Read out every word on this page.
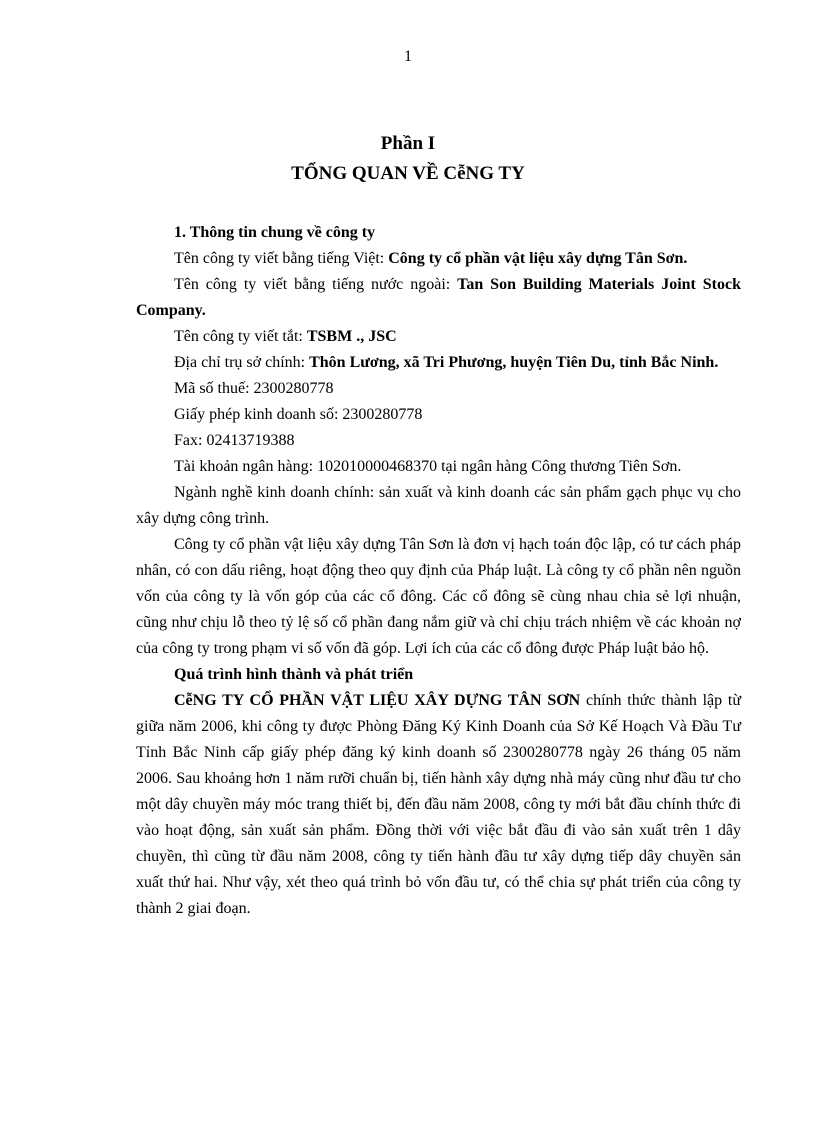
1
Phần I
TỔNG QUAN VỀ CễNG TY

1. Thông tin chung về công ty

Tên công ty viết bằng tiếng Việt: Công ty cổ phần vật liệu xây dựng Tân Sơn.

Tên công ty viết bằng tiếng nước ngoài: Tan Son Building Materials Joint Stock Company.

Tên công ty viết tắt: TSBM ., JSC

Địa chỉ trụ sở chính: Thôn Lương, xã Tri Phương, huyện Tiên Du, tỉnh Bắc Ninh.

Mã số thuế: 2300280778

Giấy phép kinh doanh số: 2300280778

Fax: 02413719388

Tài khoản ngân hàng: 102010000468370 tại ngân hàng Công thương Tiên Sơn.

Ngành nghề kinh doanh chính: sản xuất và kinh doanh các sản phẩm gạch phục vụ cho xây dựng công trình.

Công ty cổ phần vật liệu xây dựng Tân Sơn là đơn vị hạch toán độc lập, có tư cách pháp nhân, có con dấu riêng, hoạt động theo quy định của Pháp luật. Là công ty cổ phần nên nguồn vốn của công ty là vốn góp của các cổ đông. Các cổ đông sẽ cùng nhau chia sẻ lợi nhuận, cũng như chịu lỗ theo tỷ lệ số cổ phần đang nắm giữ và chỉ chịu trách nhiệm về các khoản nợ của công ty trong phạm vi số vốn đã góp. Lợi ích của các cổ đông được Pháp luật bảo hộ.

Quá trình hình thành và phát triển

CễNG TY CỔ PHẦN VẬT LIỆU XÂY DỰNG TÂN SƠN chính thức thành lập từ giữa năm 2006, khi công ty được Phòng Đăng Ký Kinh Doanh của Sở Kế Hoạch Và Đầu Tư Tỉnh Bắc Ninh cấp giấy phép đăng ký kinh doanh số 2300280778 ngày 26 tháng 05 năm 2006. Sau khoảng hơn 1 năm rưỡi chuẩn bị, tiến hành xây dựng nhà máy cũng như đầu tư cho một dây chuyền máy móc trang thiết bị, đến đầu năm 2008, công ty mới bắt đầu chính thức đi vào hoạt động, sản xuất sản phẩm. Đồng thời với việc bắt đầu đi vào sản xuất trên 1 dây chuyền, thì cũng từ đầu năm 2008, công ty tiến hành đầu tư xây dựng tiếp dây chuyền sản xuất thứ hai. Như vậy, xét theo quá trình bỏ vốn đầu tư, có thể chia sự phát triển của công ty thành 2 giai đoạn.
